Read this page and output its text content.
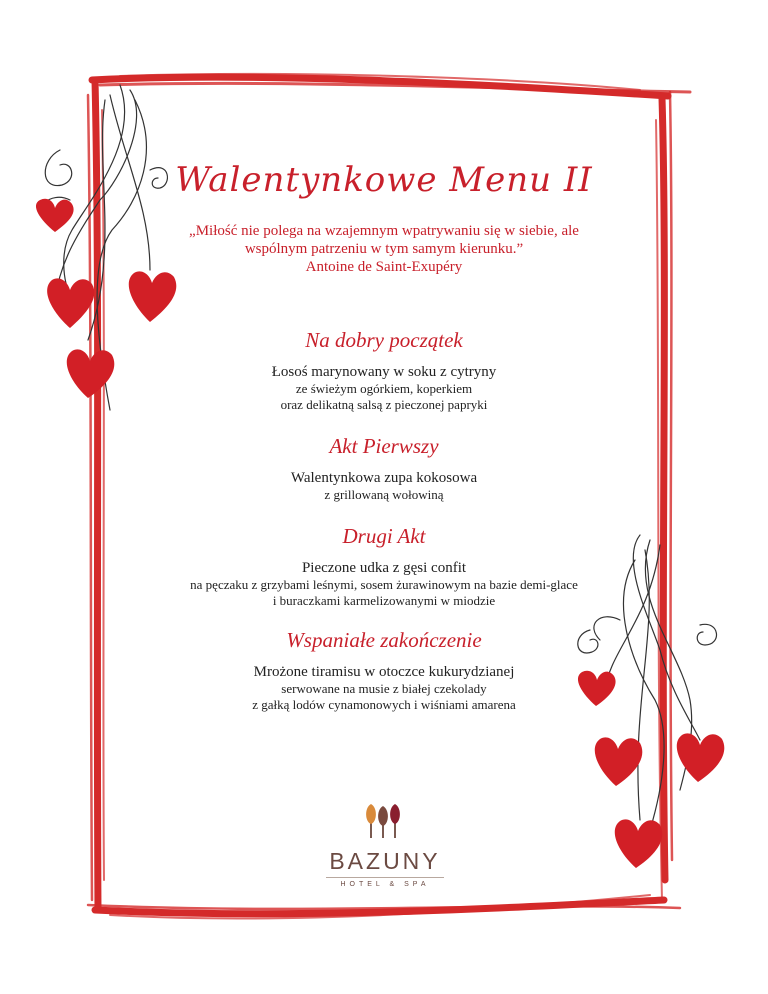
Walentynkowe Menu II
„Miłość nie polega na wzajemnym wpatrywaniu się w siebie, ale
wspólnym patrzeniu w tym samym kierunku.”
Antoine de Saint-Exupéry
Na dobry początek
Łosoś marynowany w soku z cytryny
ze świeżym ogórkiem, koperkiem
oraz delikatną salsą z pieczonej papryki
Akt Pierwszy
Walentynkowa zupa kokosowa
z grillowaną wołowiną
Drugi Akt
Pieczone udka z gęsi confit
na pęczaku z grzybami leśnymi, sosem żurawinowym na bazie demi-glace
i buraczkami karmelizowanymi w miodzie
Wspaniałe zakończenie
Mrożone tiramisu w otoczce kukurydzianej
serwowane na musie z białej czekolady
z gałką lodów cynamonowych i wiśniami amarena
BAZUNY
HOTEL & SPA
